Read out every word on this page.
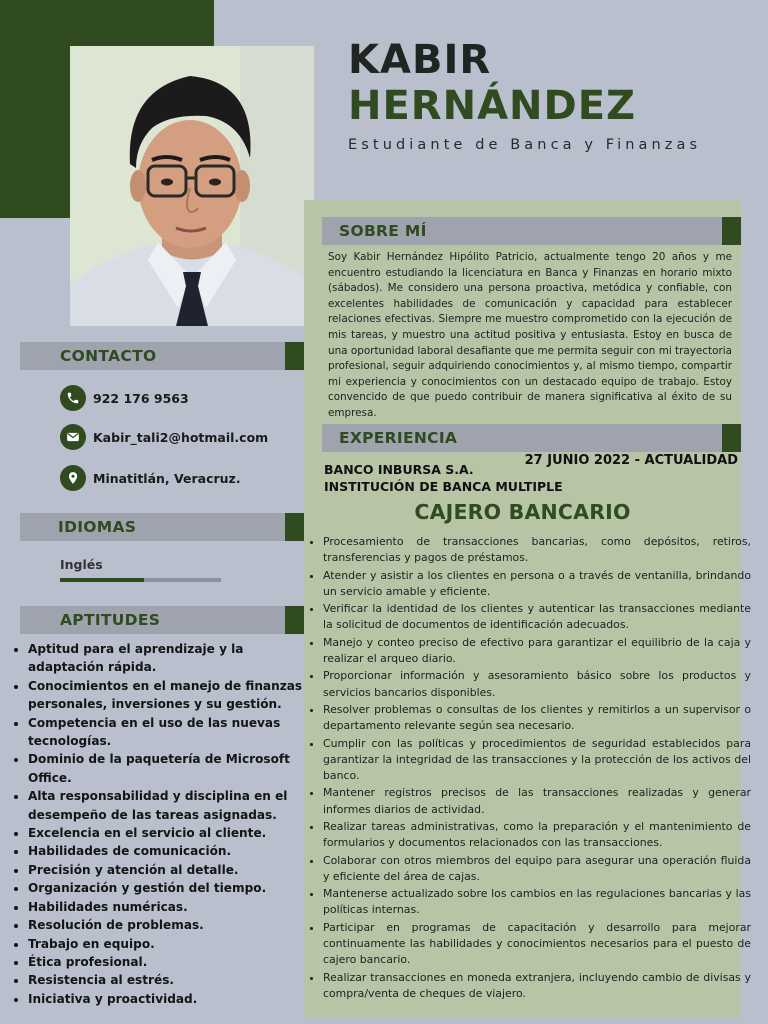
KABIR
HERNÁNDEZ
Estudiante de Banca y Finanzas
SOBRE MÍ

Soy Kabir Hernández Hipólito Patricio, actualmente tengo 20 años y me encuentro estudiando la licenciatura en Banca y Finanzas en horario mixto (sábados). Me considero una persona proactiva, metódica y confiable, con excelentes habilidades de comunicación y capacidad para establecer relaciones efectivas. Siempre me muestro comprometido con la ejecución de mis tareas, y muestro una actitud positiva y entusiasta. Estoy en busca de una oportunidad laboral desafiante que me permita seguir con mi trayectoria profesional, seguir adquiriendo conocimientos y, al mismo tiempo, compartir mi experiencia y conocimientos con un destacado equipo de trabajo. Estoy convencido de que puedo contribuir de manera significativa al éxito de su empresa.

EXPERIENCIA
BANCO INBURSA S.A.
INSTITUCIÓN DE BANCA MULTIPLE
27 JUNIO 2022 - ACTUALIDAD
CAJERO BANCARIO
• Procesamiento de transacciones bancarias, como depósitos, retiros, transferencias y pagos de préstamos.
• Atender y asistir a los clientes en persona o a través de ventanilla, brindando un servicio amable y eficiente.
• Verificar la identidad de los clientes y autenticar las transacciones mediante la solicitud de documentos de identificación adecuados.
• Manejo y conteo preciso de efectivo para garantizar el equilibrio de la caja y realizar el arqueo diario.
• Proporcionar información y asesoramiento básico sobre los productos y servicios bancarios disponibles.
• Resolver problemas o consultas de los clientes y remitirlos a un supervisor o departamento relevante según sea necesario.
• Cumplir con las políticas y procedimientos de seguridad establecidos para garantizar la integridad de las transacciones y la protección de los activos del banco.
• Mantener registros precisos de las transacciones realizadas y generar informes diarios de actividad.
• Realizar tareas administrativas, como la preparación y el mantenimiento de formularios y documentos relacionados con las transacciones.
• Colaborar con otros miembros del equipo para asegurar una operación fluida y eficiente del área de cajas.
• Mantenerse actualizado sobre los cambios en las regulaciones bancarias y las políticas internas.
• Participar en programas de capacitación y desarrollo para mejorar continuamente las habilidades y conocimientos necesarios para el puesto de cajero bancario.
• Realizar transacciones en moneda extranjera, incluyendo cambio de divisas y compra/venta de cheques de viajero.
CONTACTO
922 176 9563
Kabir_tali2@hotmail.com
Minatitlán, Veracruz.
IDIOMAS
Inglés
APTITUDES
• Aptitud para el aprendizaje y la adaptación rápida.
• Conocimientos en el manejo de finanzas personales, inversiones y su gestión.
• Competencia en el uso de las nuevas tecnologías.
• Dominio de la paquetería de Microsoft Office.
• Alta responsabilidad y disciplina en el desempeño de las tareas asignadas.
• Excelencia en el servicio al cliente.
• Habilidades de comunicación.
• Precisión y atención al detalle.
• Organización y gestión del tiempo.
• Habilidades numéricas.
• Resolución de problemas.
• Trabajo en equipo.
• Ética profesional.
• Resistencia al estrés.
• Iniciativa y proactividad.
